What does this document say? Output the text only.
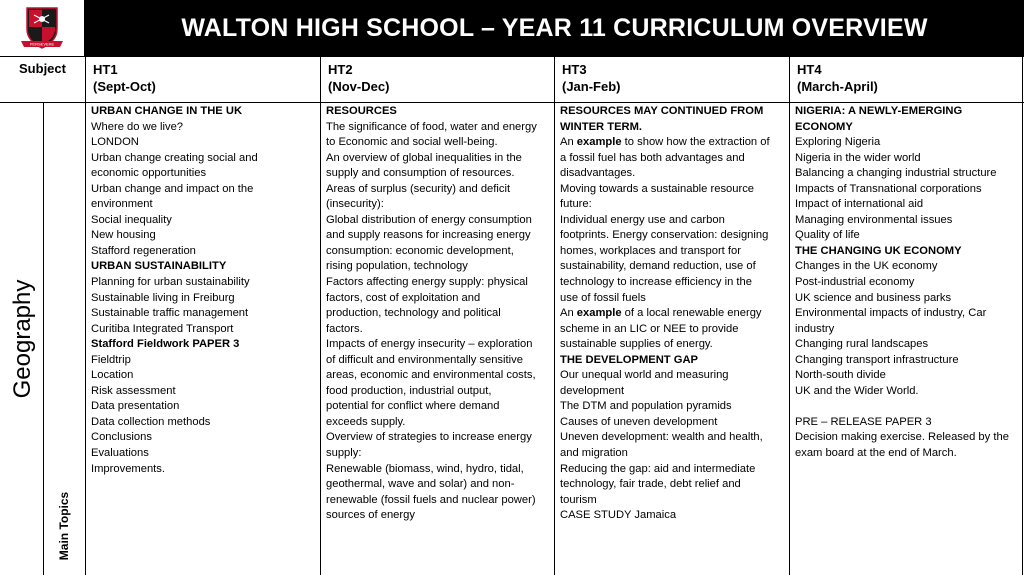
PERSEVERE
WALTON HIGH SCHOOL – YEAR 11 CURRICULUM OVERVIEW
Subject	HT1
(Sept-Oct)
HT2
(Nov-Dec)
HT3
(Jan-Feb)
HT4
(March-April)
Geography
Main Topics
URBAN CHANGE IN THE UK
Where do we live?
LONDON
Urban change creating social and
economic opportunities
Urban change and impact on the
environment
Social inequality
New housing
Stafford regeneration
URBAN SUSTAINABILITY
Planning for urban sustainability
Sustainable living in Freiburg
Sustainable traffic management
Curitiba Integrated Transport
Stafford Fieldwork PAPER 3
Fieldtrip
Location
Risk assessment
Data presentation
Data collection methods
Conclusions
Evaluations
Improvements.
RESOURCES
The significance of food, water and energy
to Economic and social well-being.
An overview of global inequalities in the
supply and consumption of resources.
Areas of surplus (security) and deficit
(insecurity):
Global distribution of energy consumption
and supply reasons for increasing energy
consumption: economic development,
rising population, technology
Factors affecting energy supply: physical
factors, cost of exploitation and
production, technology and political
factors.
Impacts of energy insecurity – exploration
of difficult and environmentally sensitive
areas, economic and environmental costs,
food production, industrial output,
potential for conflict where demand
exceeds supply.
Overview of strategies to increase energy
supply:
Renewable (biomass, wind, hydro, tidal,
geothermal, wave and solar) and non-
renewable (fossil fuels and nuclear power)
sources of energy
RESOURCES MAY CONTINUED FROM
WINTER TERM.
An example to show how the extraction of
a fossil fuel has both advantages and
disadvantages.
Moving towards a sustainable resource
future:
Individual energy use and carbon
footprints. Energy conservation: designing
homes, workplaces and transport for
sustainability, demand reduction, use of
technology to increase efficiency in the
use of fossil fuels
An example of a local renewable energy
scheme in an LIC or NEE to provide
sustainable supplies of energy.
THE DEVELOPMENT GAP
Our unequal world and measuring
development
The DTM and population pyramids
Causes of uneven development
Uneven development: wealth and health,
and migration
Reducing the gap: aid and intermediate
technology, fair trade, debt relief and
tourism
CASE STUDY Jamaica
NIGERIA: A NEWLY-EMERGING ECONOMY
Exploring Nigeria
Nigeria in the wider world
Balancing a changing industrial structure
Impacts of Transnational corporations
Impact of international aid
Managing environmental issues
Quality of life
THE CHANGING UK ECONOMY
Changes in the UK economy
Post-industrial economy
UK science and business parks
Environmental impacts of industry, Car
industry
Changing rural landscapes
Changing transport infrastructure
North-south divide
UK and the Wider World.
PRE – RELEASE PAPER 3
Decision making exercise. Released by the
exam board at the end of March.
